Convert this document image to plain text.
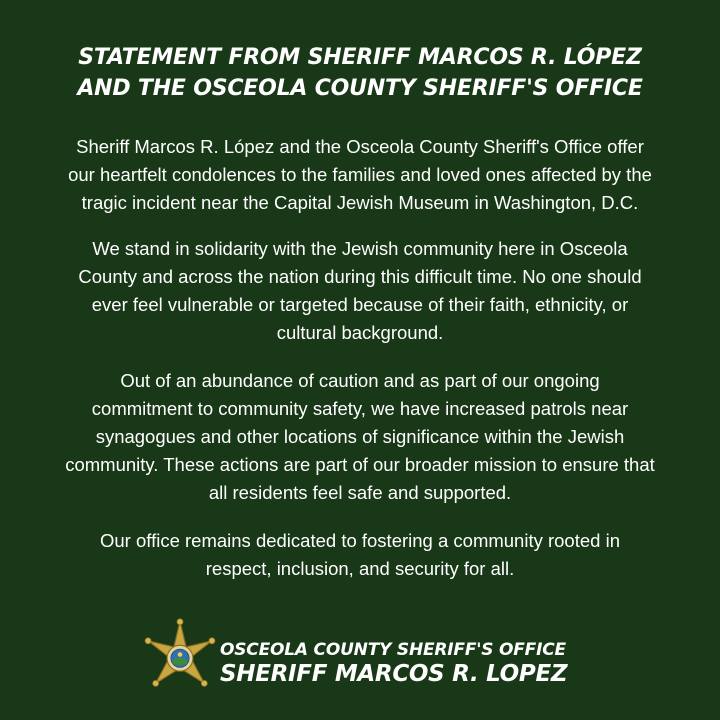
STATEMENT FROM SHERIFF MARCOS R. LÓPEZ
AND THE OSCEOLA COUNTY SHERIFF'S OFFICE
Sheriff Marcos R. López and the Osceola County Sheriff's Office offer
our heartfelt condolences to the families and loved ones affected by the
tragic incident near the Capital Jewish Museum in Washington, D.C.
We stand in solidarity with the Jewish community here in Osceola
County and across the nation during this difficult time. No one should
ever feel vulnerable or targeted because of their faith, ethnicity, or
cultural background.
Out of an abundance of caution and as part of our ongoing
commitment to community safety, we have increased patrols near
synagogues and other locations of significance within the Jewish
community. These actions are part of our broader mission to ensure that
all residents feel safe and supported.
Our office remains dedicated to fostering a community rooted in
respect, inclusion, and security for all.
OSCEOLA COUNTY SHERIFF'S OFFICE
SHERIFF MARCOS R. LOPEZ
